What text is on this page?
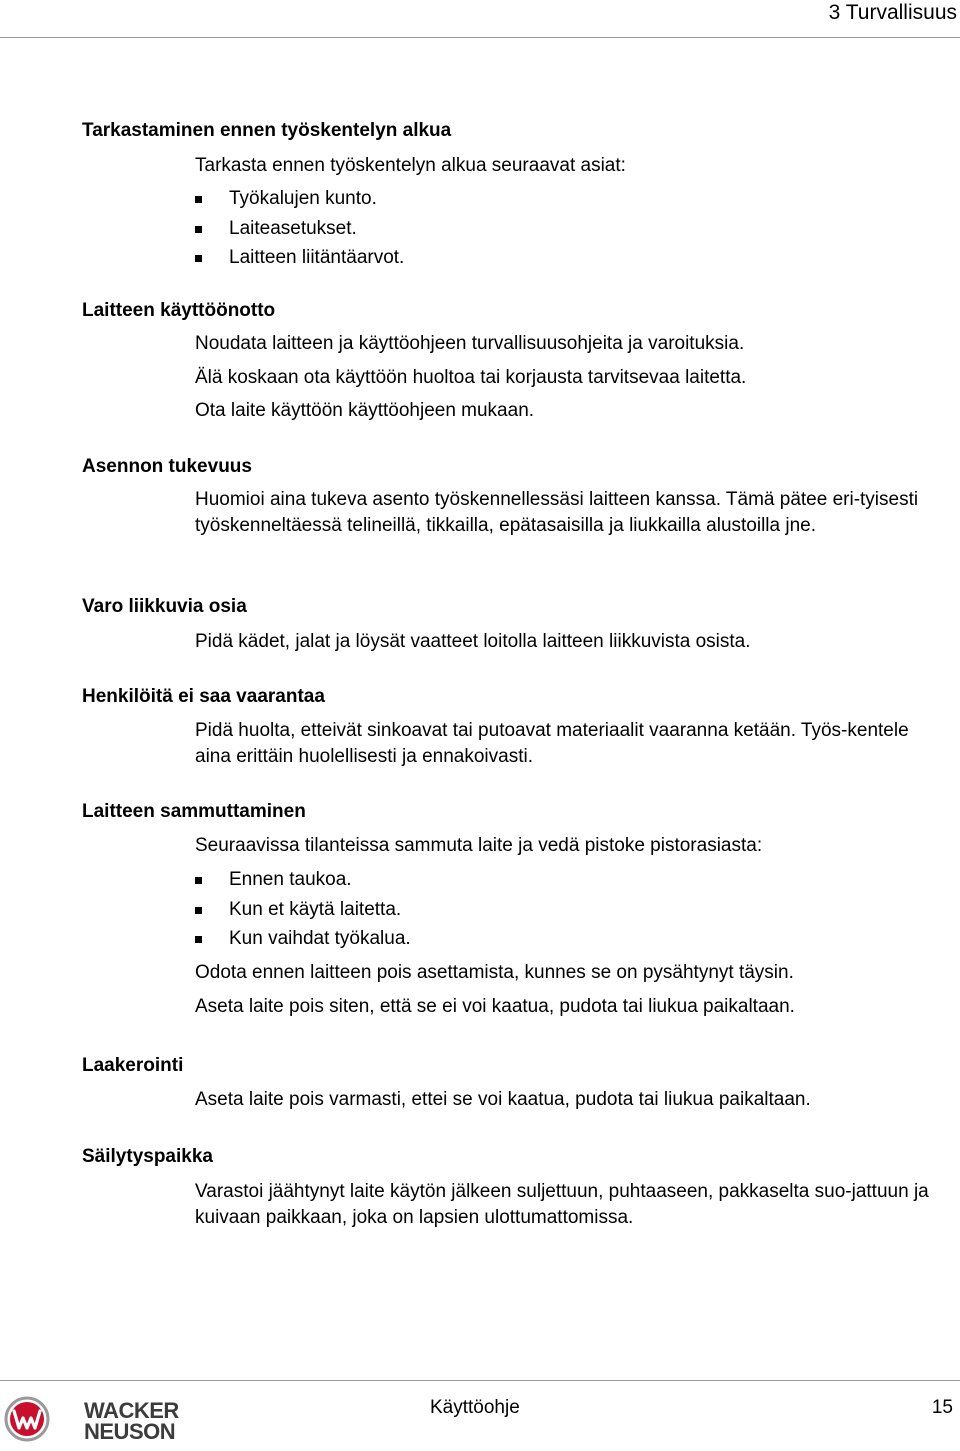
3 Turvallisuus
Tarkastaminen ennen työskentelyn alkua
Tarkasta ennen työskentelyn alkua seuraavat asiat:
Työkalujen kunto.
Laiteasetukset.
Laitteen liitäntäarvot.
Laitteen käyttöönotto
Noudata laitteen ja käyttöohjeen turvallisuusohjeita ja varoituksia.
Älä koskaan ota käyttöön huoltoa tai korjausta tarvitsevaa laitetta.
Ota laite käyttöön käyttöohjeen mukaan.
Asennon tukevuus
Huomioi aina tukeva asento työskennellessäsi laitteen kanssa. Tämä pätee eri-tyisesti työskenneltäessä telineillä, tikkailla, epätasaisilla ja liukkailla alustoilla jne.
Varo liikkuvia osia
Pidä kädet, jalat ja löysät vaatteet loitolla laitteen liikkuvista osista.
Henkilöitä ei saa vaarantaa
Pidä huolta, etteivät sinkoavat tai putoavat materiaalit vaaranna ketään. Työs-kentele aina erittäin huolellisesti ja ennakoivasti.
Laitteen sammuttaminen
Seuraavissa tilanteissa sammuta laite ja vedä pistoke pistorasiasta:
Ennen taukoa.
Kun et käytä laitetta.
Kun vaihdat työkalua.
Odota ennen laitteen pois asettamista, kunnes se on pysähtynyt täysin.
Aseta laite pois siten, että se ei voi kaatua, pudota tai liukua paikaltaan.
Laakerointi
Aseta laite pois varmasti, ettei se voi kaatua, pudota tai liukua paikaltaan.
Säilytyspaikka
Varastoi jäähtynyt laite käytön jälkeen suljettuun, puhtaaseen, pakkaselta suo-jattuun ja kuivaan paikkaan, joka on lapsien ulottumattomissa.
WACKER
NEUSON
Käyttöohje	15
